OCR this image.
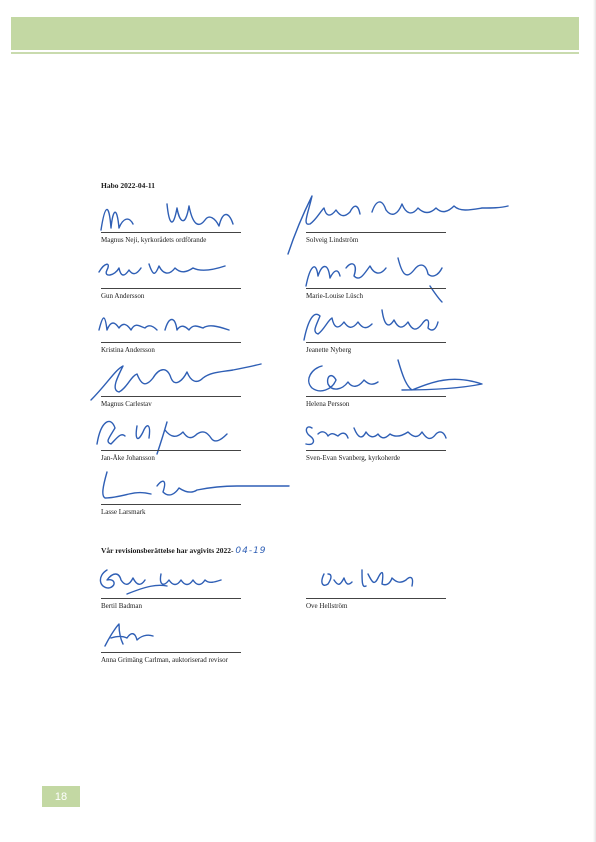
Habo 2022-04-11
Magnus Neji, kyrkorådets ordförande
Gun Andersson
Kristina Andersson
Magnus Carlestav
Jan-Åke Johansson
Lasse Larsmark
Solveig Lindström
Marie-Louise Lüsch
Jeanette Nyberg
Helena Persson
Sven-Evan Svanberg, kyrkoherde
Vår revisionsberättelse har avgivits 2022- 04-19
Bertil Badman	Ove Hellström
Anna Grimäng Carlman, auktoriserad revisor
18
